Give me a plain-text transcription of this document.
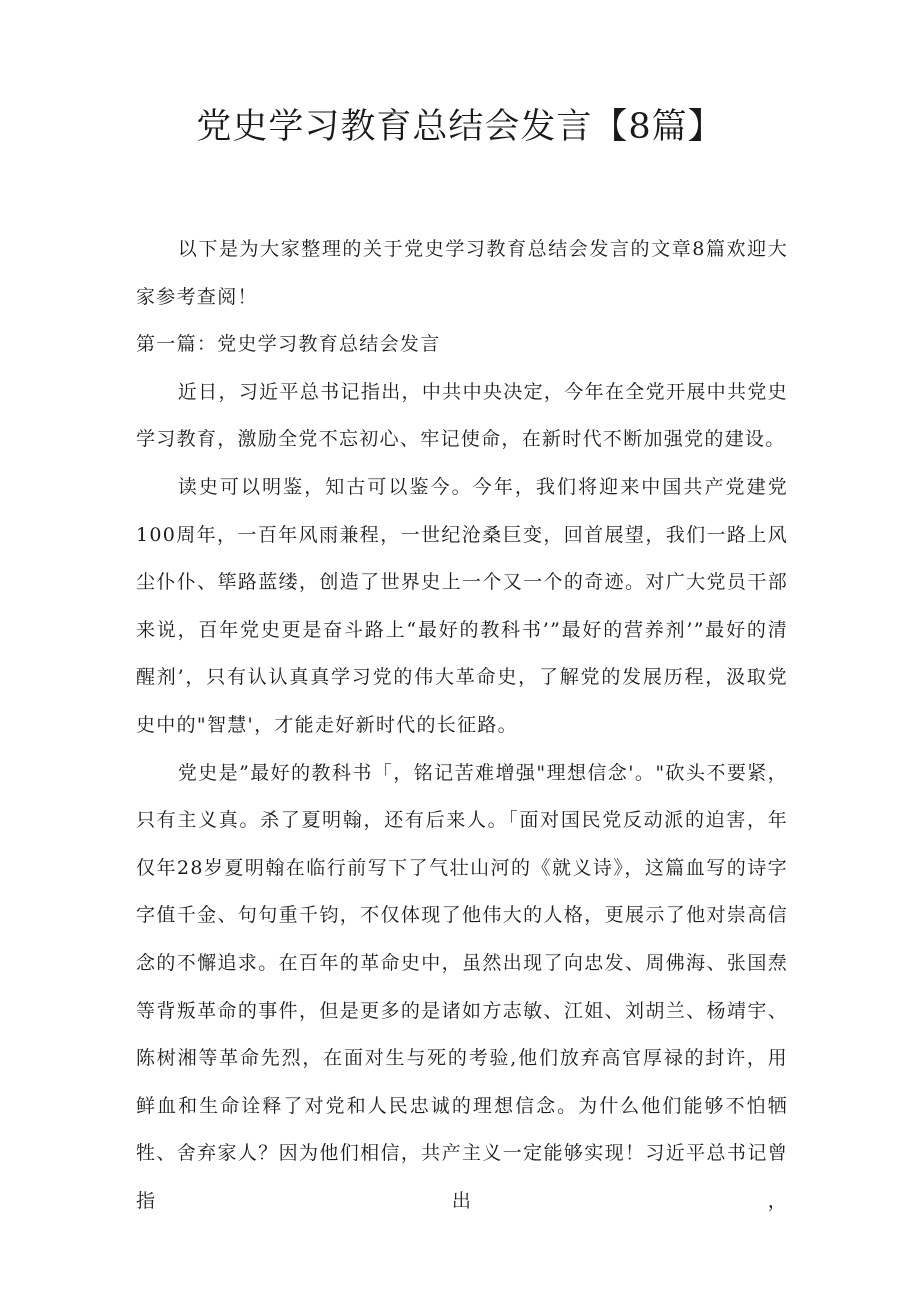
党史学习教育总结会发言【8篇】

以下是为大家整理的关于党史学习教育总结会发言的文章8篇欢迎大家参考查阅！

第一篇：党史学习教育总结会发言

近日，习近平总书记指出，中共中央决定，今年在全党开展中共党史学习教育，激励全党不忘初心、牢记使命，在新时代不断加强党的建设。

读史可以明鉴，知古可以鉴今。今年，我们将迎来中国共产党建党100周年，一百年风雨兼程，一世纪沧桑巨变，回首展望，我们一路上风尘仆仆、筚路蓝缕，创造了世界史上一个又一个的奇迹。对广大党员干部来说，百年党史更是奋斗路上“最好的教科书’”最好的营养剂’”最好的清醒剂’，只有认认真真学习党的伟大革命史，了解党的发展历程，汲取党史中的"智慧'，才能走好新时代的长征路。

党史是”最好的教科书「，铭记苦难增强"理想信念'。"砍头不要紧，只有主义真。杀了夏明翰，还有后来人。「面对国民党反动派的迫害，年仅年28岁夏明翰在临行前写下了气壮山河的《就义诗》，这篇血写的诗字字值千金、句句重千钧，不仅体现了他伟大的人格，更展示了他对崇高信念的不懈追求。在百年的革命史中，虽然出现了向忠发、周佛海、张国焘等背叛革命的事件，但是更多的是诸如方志敏、江姐、刘胡兰、杨靖宇、陈树湘等革命先烈，在面对生与死的考验,他们放弃高官厚禄的封许，用鲜血和生命诠释了对党和人民忠诚的理想信念。为什么他们能够不怕牺牲、舍弃家人？因为他们相信，共产主义一定能够实现！习近平总书记曾指出，
